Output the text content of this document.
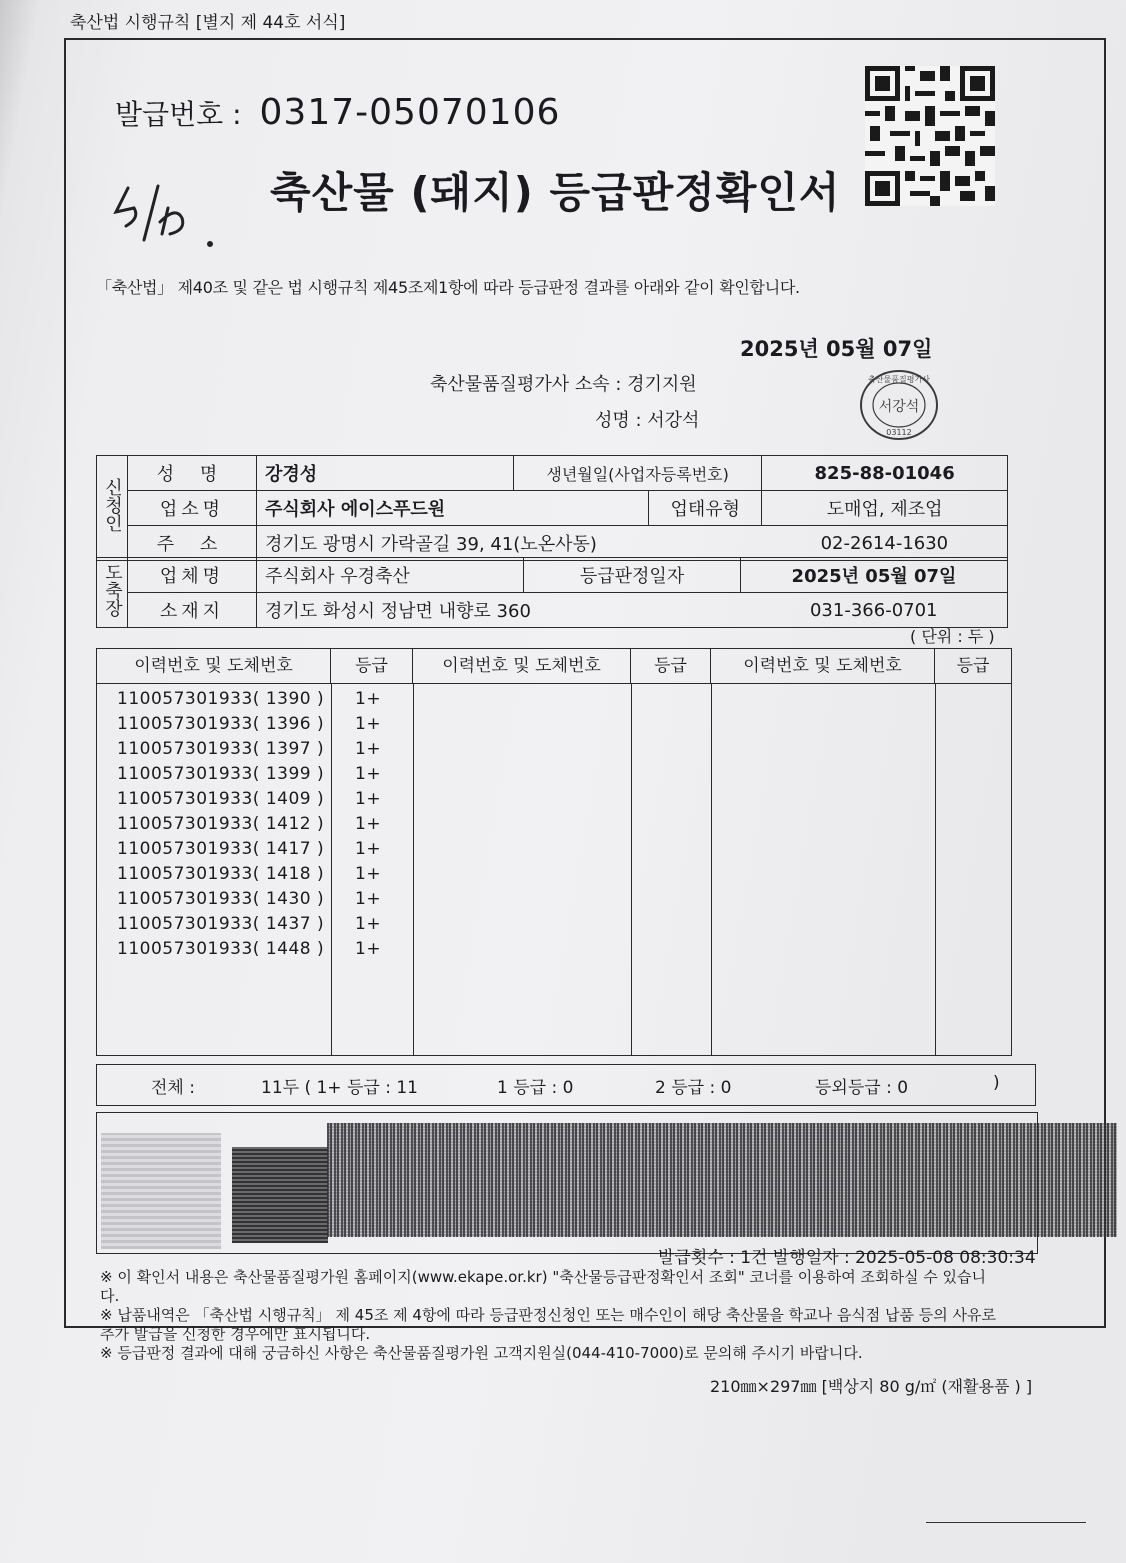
축산법 시행규칙 [별지 제 44호 서식]
발급번호 : 0317-05070106
축산물 (돼지) 등급판정확인서
「축산법」 제40조 및 같은 법 시행규칙 제45조제1항에 따라 등급판정 결과를 아래와 같이 확인합니다.
2025년 05월 07일
축산물품질평가사 소속 : 경기지원
성명 : 서강석
축산물품질평가사
서강석
03112
신청인	성 명	강경성	생년월일(사업자등록번호)		825-88-01046
	업소명	주식회사 에이스푸드원		업태유형	도매업, 제조업
	주 소	경기도 광명시 가락골길 39, 41(노온사동)			02-2614-1630
도축장	업체명	주식회사 우경축산	등급판정일자	2025년 05월 07일
	소재지	경기도 화성시 정남면 내향로 360		031-366-0701
( 단위 : 두 )
이력번호 및 도체번호	등급	이력번호 및 도체번호	등급	이력번호 및 도체번호	등급
110057301933( 1390 ) 1+
110057301933( 1396 ) 1+
110057301933( 1397 ) 1+
110057301933( 1399 ) 1+
110057301933( 1409 ) 1+
110057301933( 1412 ) 1+
110057301933( 1417 ) 1+
110057301933( 1418 ) 1+
110057301933( 1430 ) 1+
110057301933( 1437 ) 1+
110057301933( 1448 ) 1+
전체 :	11두 ( 1+ 등급 : 11	1 등급 : 0	2 등급 : 0	등외등급 : 0	)
발급횟수 : 1건 발행일자 : 2025-05-08 08:30:34

※ 이 확인서 내용은 축산물품질평가원 홈페이지(www.ekape.or.kr) "축산물등급판정확인서 조회" 코너를 이용하여 조회하실 수 있습니다.

※ 납품내역은 「축산법 시행규칙」 제 45조 제 4항에 따라 등급판정신청인 또는 매수인이 해당 축산물을 학교나 음식점 납품 등의 사유로 추가 발급을 신청한 경우에만 표시됩니다.

※ 등급판정 결과에 대해 궁금하신 사항은 축산물품질평가원 고객지원실(044-410-7000)로 문의해 주시기 바랍니다.

210㎜×297㎜ [백상지 80 g/㎡ (재활용품 ) ]
